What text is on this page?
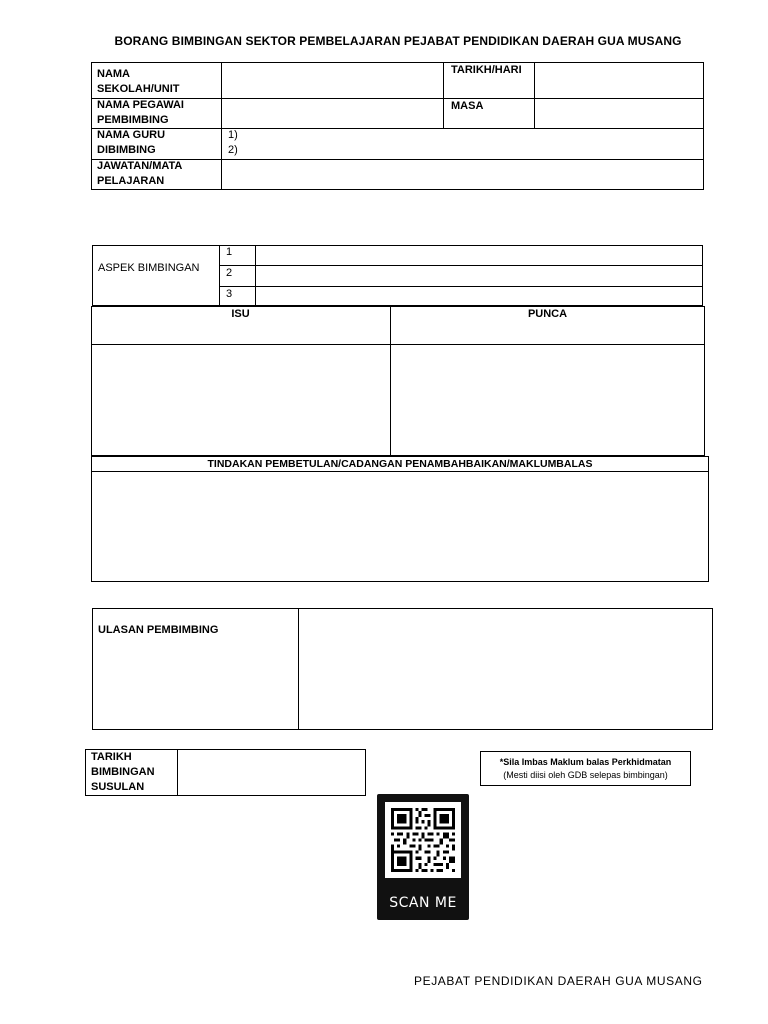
BORANG BIMBINGAN SEKTOR PEMBELAJARAN PEJABAT PENDIDIKAN DAERAH GUA MUSANG
NAMA SEKOLAH/UNIT
TARIKH/HARI
NAMA PEGAWAI PEMBIMBING
MASA
NAMA GURU DIBIMBING
1)
2)
JAWATAN/MATA PELAJARAN
ASPEK BIMBINGAN
1
2
3
ISU	PUNCA
TINDAKAN PEMBETULAN/CADANGAN PENAMBAHBAIKAN/MAKLUMBALAS
ULASAN PEMBIMBING
TARIKH BIMBINGAN SUSULAN
*Sila Imbas Maklum balas Perkhidmatan
(Mesti diisi oleh GDB selepas bimbingan)
SCAN ME
PEJABAT PENDIDIKAN DAERAH GUA MUSANG
